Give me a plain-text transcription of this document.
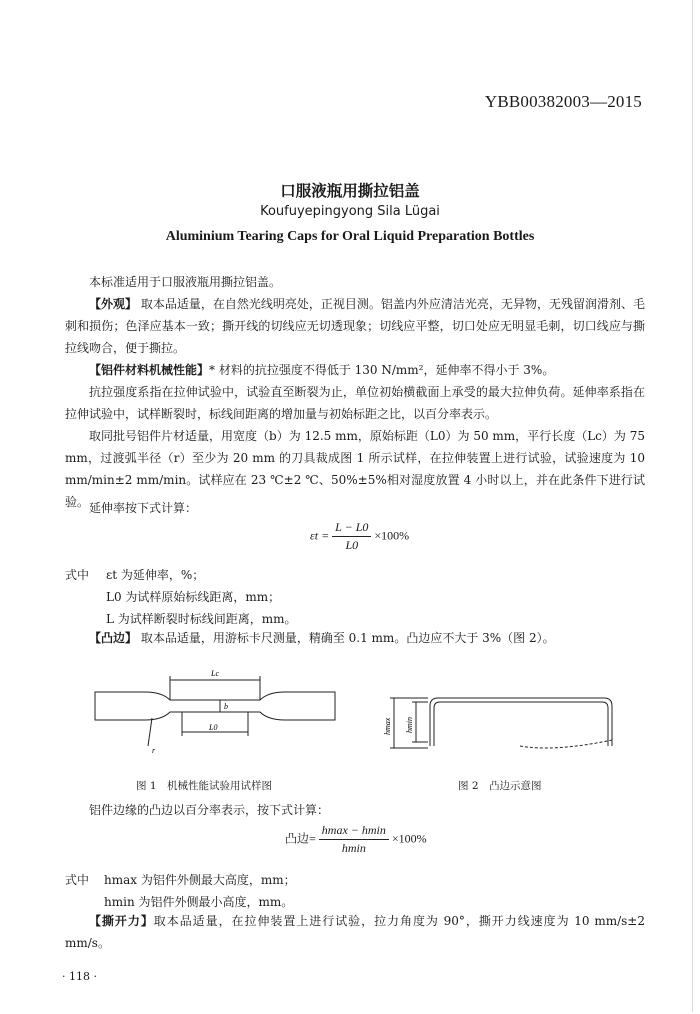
YBB00382003—2015
口服液瓶用撕拉铝盖
Koufuyepingyong Sila Lügai
Aluminium Tearing Caps for Oral Liquid Preparation Bottles
本标准适用于口服液瓶用撕拉铝盖。
【外观】 取本品适量，在自然光线明亮处，正视目测。铝盖内外应清洁光亮，无异物，无残留润滑剂、毛刺和损伤；色泽应基本一致；撕开线的切线应无切透现象；切线应平整，切口处应无明显毛刺，切口线应与撕拉线吻合，便于撕拉。
【铝件材料机械性能】* 材料的抗拉强度不得低于 130 N/mm²，延伸率不得小于 3%。
抗拉强度系指在拉伸试验中，试验直至断裂为止，单位初始横截面上承受的最大拉伸负荷。延伸率系指在拉伸试验中，试样断裂时，标线间距离的增加量与初始标距之比，以百分率表示。
取同批号铝件片材适量，用宽度（b）为 12.5 mm，原始标距（L0）为 50 mm，平行长度（Lc）为 75 mm，过渡弧半径（r）至少为 20 mm 的刀具裁成图 1 所示试样，在拉伸装置上进行试验，试验速度为 10 mm/min±2 mm/min。试样应在 23 ℃±2 ℃、50%±5%相对湿度放置 4 小时以上，并在此条件下进行试验。 延伸率按下式计算：
$\varepsilon t = \frac{L - L0}{L0} \times 100\%$
式中 εt 为延伸率，%；
L0 为试样原始标线距离，mm；
L 为试样断裂时标线间距离，mm。
【凸边】 取本品适量，用游标卡尺测量，精确至 0.1 mm。凸边应不大于 3%（图 2）。
Lc
b
L0
r
hmax hmin
图 1　机械性能试验用试样图	图 2　凸边示意图
铝件边缘的凸边以百分率表示，按下式计算：
凸边= $\frac{hmax - hmin}{hmin} \times 100\%$
式中 hmax 为铝件外侧最大高度，mm；
hmin 为铝件外侧最小高度，mm。
【撕开力】取本品适量，在拉伸装置上进行试验，拉力角度为 90°，撕开力线速度为 10 mm/s±2 mm/s。
· 118 ·
